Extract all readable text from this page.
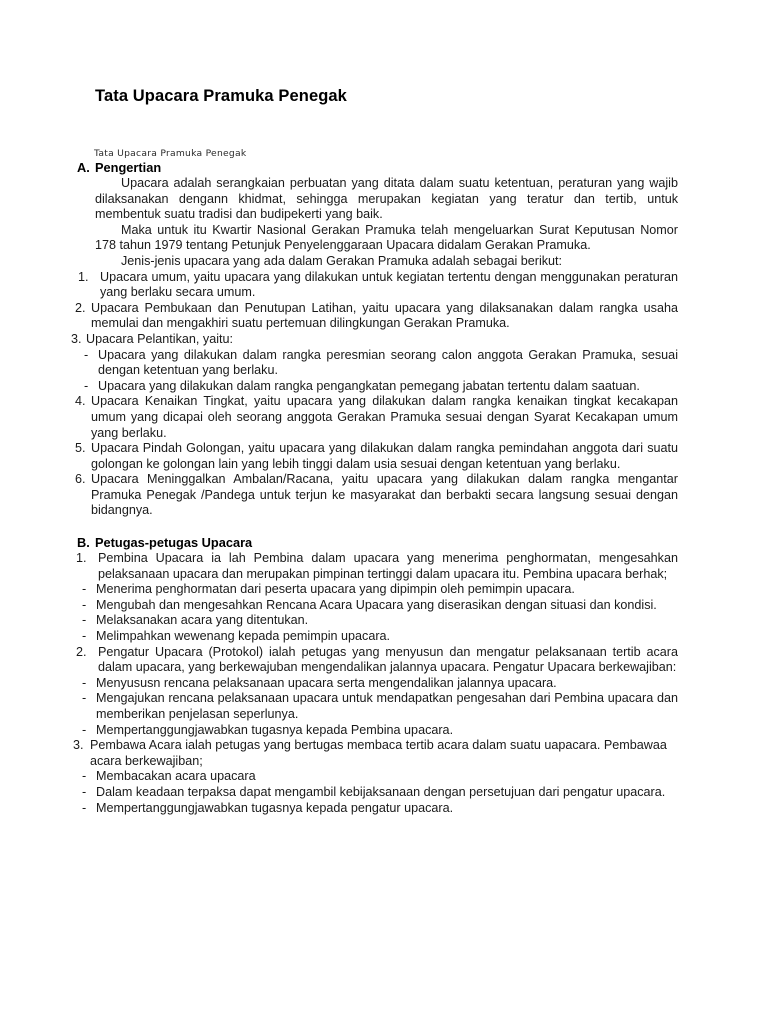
Tata Upacara Pramuka Penegak
Tata Upacara Pramuka Penegak
A. Pengertian

Upacara adalah serangkaian perbuatan yang ditata dalam suatu ketentuan, peraturan yang wajib dilaksanakan dengann khidmat, sehingga merupakan kegiatan yang teratur dan tertib, untuk membentuk suatu tradisi dan budipekerti yang baik.

Maka untuk itu Kwartir Nasional Gerakan Pramuka telah mengeluarkan Surat Keputusan Nomor 178 tahun 1979 tentang Petunjuk Penyelenggaraan Upacara didalam Gerakan Pramuka.

Jenis-jenis upacara yang ada dalam Gerakan Pramuka adalah sebagai berikut:

1. Upacara umum, yaitu upacara yang dilakukan untuk kegiatan tertentu dengan menggunakan peraturan yang berlaku secara umum.
2. Upacara Pembukaan dan Penutupan Latihan, yaitu upacara yang dilaksanakan dalam rangka usaha memulai dan mengakhiri suatu pertemuan dilingkungan Gerakan Pramuka.
3. Upacara Pelantikan, yaitu:
- Upacara yang dilakukan dalam rangka peresmian seorang calon anggota Gerakan Pramuka, sesuai dengan ketentuan yang berlaku.
- Upacara yang dilakukan dalam rangka pengangkatan pemegang jabatan tertentu dalam saatuan.
4. Upacara Kenaikan Tingkat, yaitu upacara yang dilakukan dalam rangka kenaikan tingkat kecakapan umum yang dicapai oleh seorang anggota Gerakan Pramuka sesuai dengan Syarat Kecakapan umum yang berlaku.
5. Upacara Pindah Golongan, yaitu upacara yang dilakukan dalam rangka pemindahan anggota dari suatu golongan ke golongan lain yang lebih tinggi dalam usia sesuai dengan ketentuan yang berlaku.
6. Upacara Meninggalkan Ambalan/Racana, yaitu upacara yang dilakukan dalam rangka mengantar Pramuka Penegak /Pandega untuk terjun ke masyarakat dan berbakti secara langsung sesuai dengan bidangnya.
B. Petugas-petugas Upacara
1. Pembina Upacara ia lah Pembina dalam upacara yang menerima penghormatan, mengesahkan pelaksanaan upacara dan merupakan pimpinan tertinggi dalam upacara itu. Pembina upacara berhak;
- Menerima penghormatan dari peserta upacara yang dipimpin oleh pemimpin upacara.
- Mengubah dan mengesahkan Rencana Acara Upacara yang diserasikan dengan situasi dan kondisi.
- Melaksanakan acara yang ditentukan.
- Melimpahkan wewenang kepada pemimpin upacara.
2. Pengatur Upacara (Protokol) ialah petugas yang menyusun dan mengatur pelaksanaan tertib acara dalam upacara, yang berkewajuban mengendalikan jalannya upacara. Pengatur Upacara berkewajiban:
- Menyususn rencana pelaksanaan upacara serta mengendalikan jalannya upacara.
- Mengajukan rencana pelaksanaan upacara untuk mendapatkan pengesahan dari Pembina upacara dan memberikan penjelasan seperlunya.
- Mempertanggungjawabkan tugasnya kepada Pembina upacara.
3. Pembawa Acara ialah petugas yang bertugas membaca tertib acara dalam suatu uapacara. Pembawaa acara berkewajiban;
- Membacakan acara upacara
- Dalam keadaan terpaksa dapat mengambil kebijaksanaan dengan persetujuan dari pengatur upacara.
- Mempertanggungjawabkan tugasnya kepada pengatur upacara.
